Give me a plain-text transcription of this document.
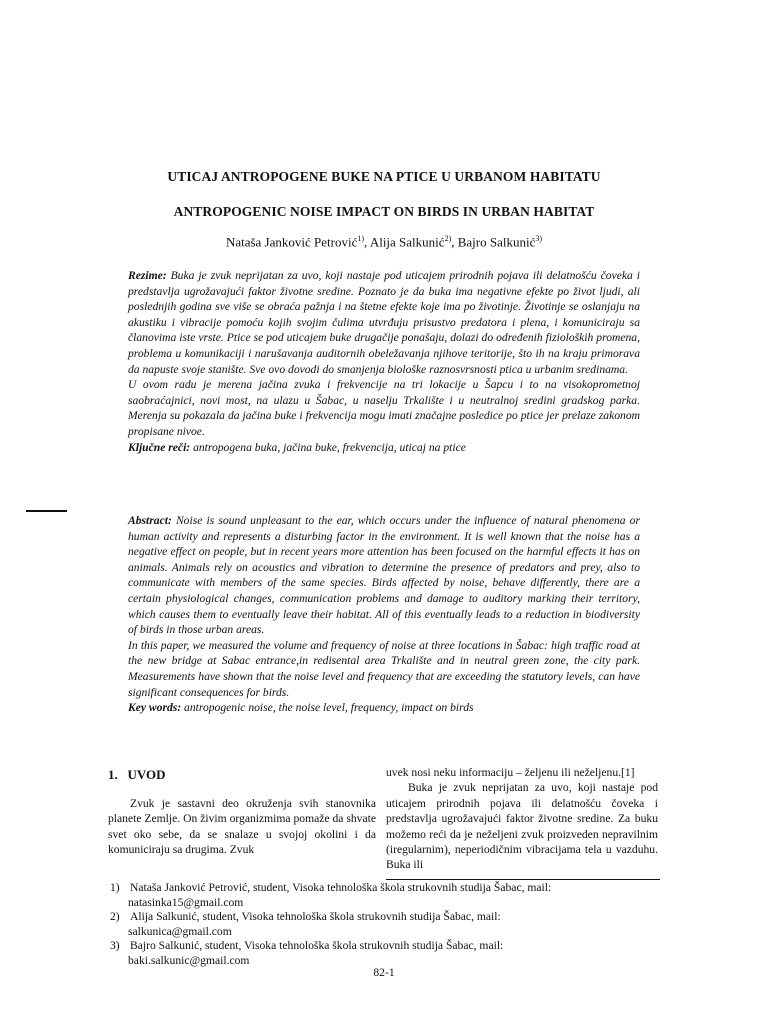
UTICAJ ANTROPOGENE BUKE NA PTICE U URBANOM HABITATU
ANTROPOGENIC NOISE IMPACT ON BIRDS IN URBAN HABITAT
Nataša Janković Petrović$^{1)}$, Alija Salkunić$^{2)}$, Bajro Salkunić$^{3)}$

Rezime: Buka je zvuk neprijatan za uvo, koji nastaje pod uticajem prirodnih pojava ili delatnošću čoveka i predstavlja ugrožavajući faktor životne sredine. Poznato je da buka ima negativne efekte po život ljudi, ali poslednjih godina sve više se obraća pažnja i na štetne efekte koje ima po životinje. Životinje se oslanjaju na akustiku i vibracije pomoću kojih svojim čulima utvrđuju prisustvo predatora i plena, i komuniciraju sa članovima iste vrste. Ptice se pod uticajem buke drugačije ponašaju, dolazi do određenih fizioloških promena, problema u komunikaciji i narušavanja auditornih obeležavanja njihove teritorije, što ih na kraju primorava da napuste svoje stanište. Sve ovo dovodi do smanjenja biološke raznosvrsnosti ptica u urbanim sredinama.

U ovom radu je merena jačina zvuka i frekvencije na tri lokacije u Šapcu i to na visokoprometnoj saobraćajnici, novi most, na ulazu u Šabac, u naselju Trkalište i u neutralnoj sredini gradskog parka. Merenja su pokazala da jačina buke i frekvencija mogu imati značajne posledice po ptice jer prelaze zakonom propisane nivoe.

Ključne reči: antropogena buka, jačina buke, frekvencija, uticaj na ptice

Abstract: Noise is sound unpleasant to the ear, which occurs under the influence of natural phenomena or human activity and represents a disturbing factor in the environment. It is well known that the noise has a negative effect on people, but in recent years more attention has been focused on the harmful effects it has on animals. Animals rely on acoustics and vibration to determine the presence of predators and prey, also to communicate with members of the same species. Birds affected by noise, behave differently, there are a certain physiological changes, communication problems and damage to auditory marking their territory, which causes them to eventually leave their habitat. All of this eventually leads to a reduction in biodiversity of birds in those urban areas.

In this paper, we measured the volume and frequency of noise at three locations in Šabac: high traffic road at the new bridge at Sabac entrance,in redisental area Trkalište and in neutral green zone, the city park. Measurements have shown that the noise level and frequency that are exceeding the statutory levels, can have significant consequences for birds.

Key words: antropogenic noise, the noise level, frequency, impact on birds

1.   UVOD

Zvuk je sastavni deo okruženja svih stanovnika planete Zemlje. On živim organizmima pomaže da shvate svet oko sebe, da se snalaze u svojoj okolini i da komuniciraju sa drugima. Zvuk

uvek nosi neku informaciju – željenu ili neželjenu.[1]

Buka je zvuk neprijatan za uvo, koji nastaje pod uticajem prirodnih pojava ili delatnošću čoveka i predstavlja ugrožavajući faktor životne sredine. Za buku možemo reći da je neželjeni zvuk proizveden nepravilnim (iregularnim), neperiodičnim vibracijama tela u vazduhu. Buka ili

1) Nataša Janković Petrović, student, Visoka tehnološka škola strukovnih studija Šabac, mail:
natasinka15@gmail.com
2) Alija Salkunić, student, Visoka tehnološka škola strukovnih studija Šabac, mail:
salkunica@gmail.com
3) Bajro Salkunić, student, Visoka tehnološka škola strukovnih studija Šabac, mail:
baki.salkunic@gmail.com
82-1
